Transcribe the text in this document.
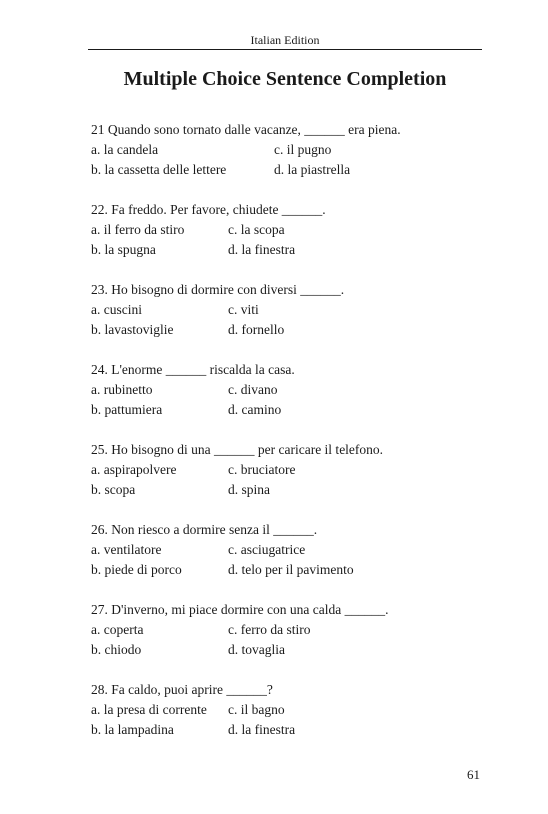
Italian Edition
Multiple Choice Sentence Completion
21 Quando sono tornato dalle vacanze, ______ era piena.
a. la candela	c. il pugno
b. la cassetta delle lettere	d. la piastrella
22. Fa freddo. Per favore, chiudete ______.
a. il ferro da stiro	c. la scopa
b. la spugna	d. la finestra
23. Ho bisogno di dormire con diversi ______.
a. cuscini	c. viti
b. lavastoviglie	d. fornello
24. L'enorme ______ riscalda la casa.
a. rubinetto	c. divano
b. pattumiera	d. camino
25. Ho bisogno di una ______ per caricare il telefono.
a. aspirapolvere	c. bruciatore
b. scopa	d. spina
26. Non riesco a dormire senza il ______.
a. ventilatore	c. asciugatrice
b. piede di porco	d. telo per il pavimento
27. D'inverno, mi piace dormire con una calda ______.
a. coperta	c. ferro da stiro
b. chiodo	d. tovaglia
28. Fa caldo, puoi aprire ______?
a. la presa di corrente c. il bagno
b. la lampadina	d. la finestra
61
